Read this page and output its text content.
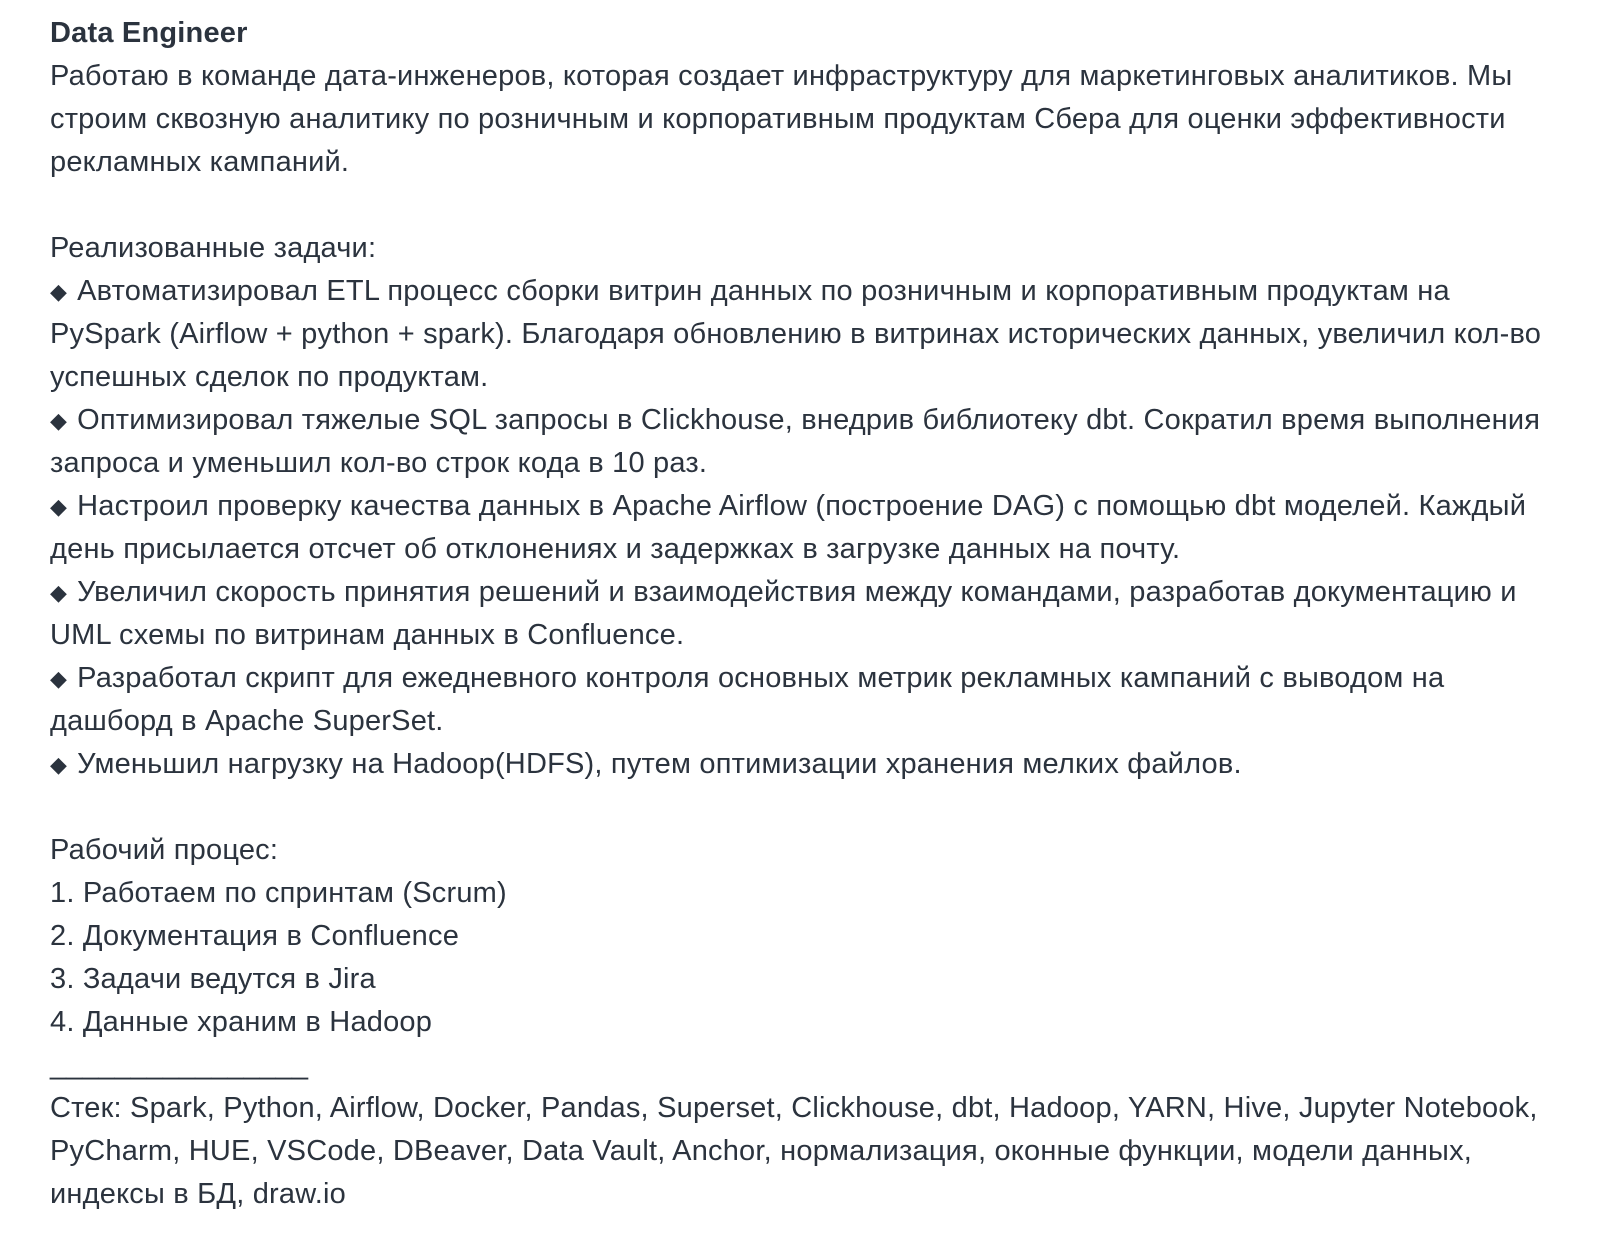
Data Engineer

Работаю в команде дата-инженеров, которая создает инфраструктуру для маркетинговых аналитиков. Мы строим сквозную аналитику по розничным и корпоративным продуктам Сбера для оценки эффективности рекламных кампаний.

Реализованные задачи:

◆ Автоматизировал ETL процесс сборки витрин данных по розничным и корпоративным продуктам на PySpark (Airflow + python + spark). Благодаря обновлению в витринах исторических данных, увеличил кол-во успешных сделок по продуктам.

◆ Оптимизировал тяжелые SQL запросы в Clickhouse, внедрив библиотеку dbt. Сократил время выполнения запроса и уменьшил кол-во строк кода в 10 раз.

◆ Настроил проверку качества данных в Apache Airflow (построение DAG) с помощью dbt моделей. Каждый день присылается отсчет об отклонениях и задержках в загрузке данных на почту.

◆ Увеличил скорость принятия решений и взаимодействия между командами, разработав документацию и UML схемы по витринам данных в Confluence.

◆ Разработал скрипт для ежедневного контроля основных метрик рекламных кампаний с выводом на дашборд в Apache SuperSet.

◆ Уменьшил нагрузку на Hadoop(HDFS), путем оптимизации хранения мелких файлов.

Рабочий процес:

1. Работаем по спринтам (Scrum)

2. Документация в Confluence

3. Задачи ведутся в Jira

4. Данные храним в Hadoop

________________

Стек: Spark, Python, Airflow, Docker, Pandas, Superset, Clickhouse, dbt, Hadoop, YARN, Hive, Jupyter Notebook, PyCharm, HUE, VSCode, DBeaver, Data Vault, Anchor, нормализация, оконные функции, модели данных, индексы в БД, draw.io
